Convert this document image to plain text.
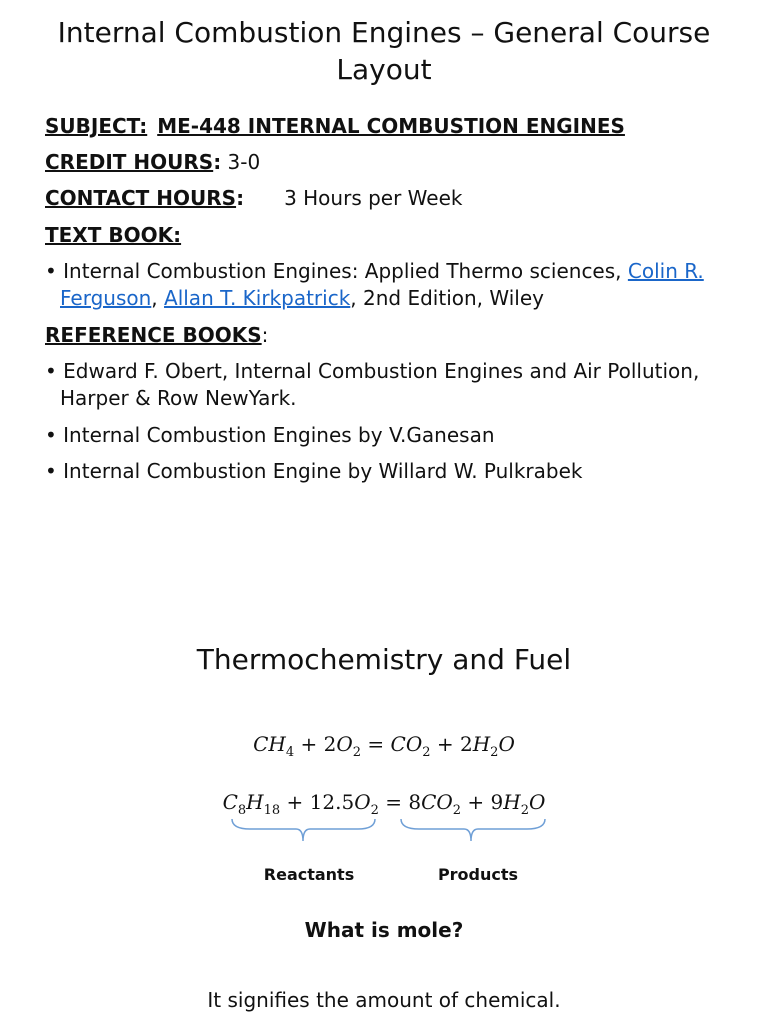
Internal Combustion Engines – General Course Layout
SUBJECT: ME-448 INTERNAL COMBUSTION ENGINES
CREDIT HOURS: 3-0
CONTACT HOURS: 3 Hours per Week
TEXT BOOK:
• Internal Combustion Engines: Applied Thermo sciences, Colin R. Ferguson, Allan T. Kirkpatrick, 2nd Edition, Wiley
REFERENCE BOOKS:
• Edward F. Obert, Internal Combustion Engines and Air Pollution, Harper & Row NewYark.
• Internal Combustion Engines by V.Ganesan
• Internal Combustion Engine by Willard W. Pulkrabek
Thermochemistry and Fuel
$CH_4 + 2O_2 = CO_2 + 2H_2O$
$C_8H_{18} + 12.5O_2 = 8CO_2 + 9H_2O$
Reactants	Products
What is mole?
It signifies the amount of chemical.
